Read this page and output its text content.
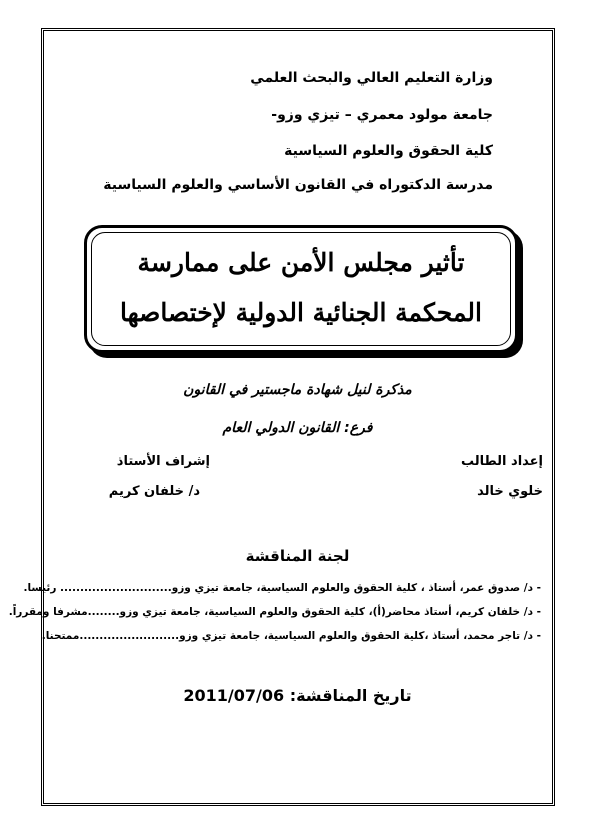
وزارة التعليم العالي والبحث العلمي
جامعة مولود معمري – تيزي وزو-
كلية الحقوق والعلوم السياسية
مدرسة الدكتوراه في القانون الأساسي والعلوم السياسية
تأثير مجلس الأمن على ممارسة
المحكمة الجنائية الدولية لإختصاصها
مذكرة لنيل شهادة ماجستير في القانون
فرع: القانون الدولي العام
إعداد الطالب
خلوي خالد
إشراف الأستاذ
د/ خلفان كريم
لجنة المناقشة
- د/ صدوق عمر، أستاذ ، كلية الحقوق والعلوم السياسية، جامعة تيزي وزو............................ رئيسا.
- د/ خلفان كريم، أستاذ محاضر(أ)، كلية الحقوق والعلوم السياسية، جامعة تيزي وزو........مشرفا ومقرراً.
- د/ تاجر محمد، أستاذ ،كلية الحقوق والعلوم السياسية، جامعة تيزي وزو.........................ممتحنا.
تاريخ المناقشة: 2011/07/06
